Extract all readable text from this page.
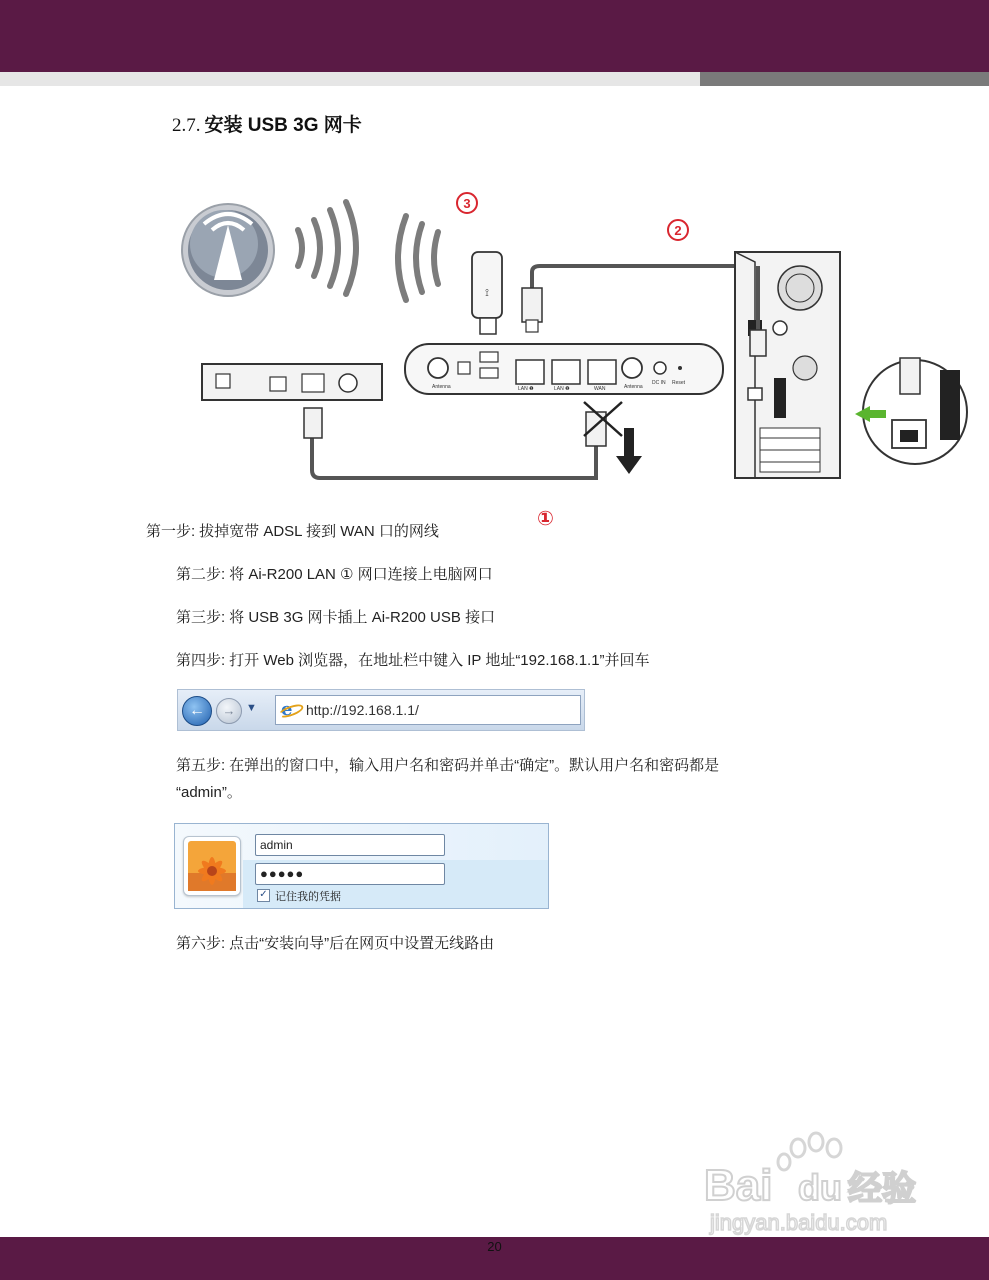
2.7. 安装 USB 3G 网卡
3
⟟
2
Antenna	LAN ❶	LAN ❷	WAN	Antenna
DC IN Reset
第一步: 拔掉宽带 ADSL 接到 WAN 口的网线
①
第二步: 将 Ai-R200 LAN ① 网口连接上电脑网口
第三步: 将 USB 3G 网卡插上 Ai-R200 USB 接口
第四步: 打开 Web 浏览器，在地址栏中键入 IP 地址“192.168.1.1”并回车
←	→ ▼ e http://192.168.1.1/
第五步: 在弹出的窗口中，输入用户名和密码并单击“确定”。默认用户名和密码都是
“admin”。
admin
●●●●●
✓ 记住我的凭据
第六步: 点击“安装向导”后在网页中设置无线路由
Bai du 经验
jingyan.baidu.com
20
